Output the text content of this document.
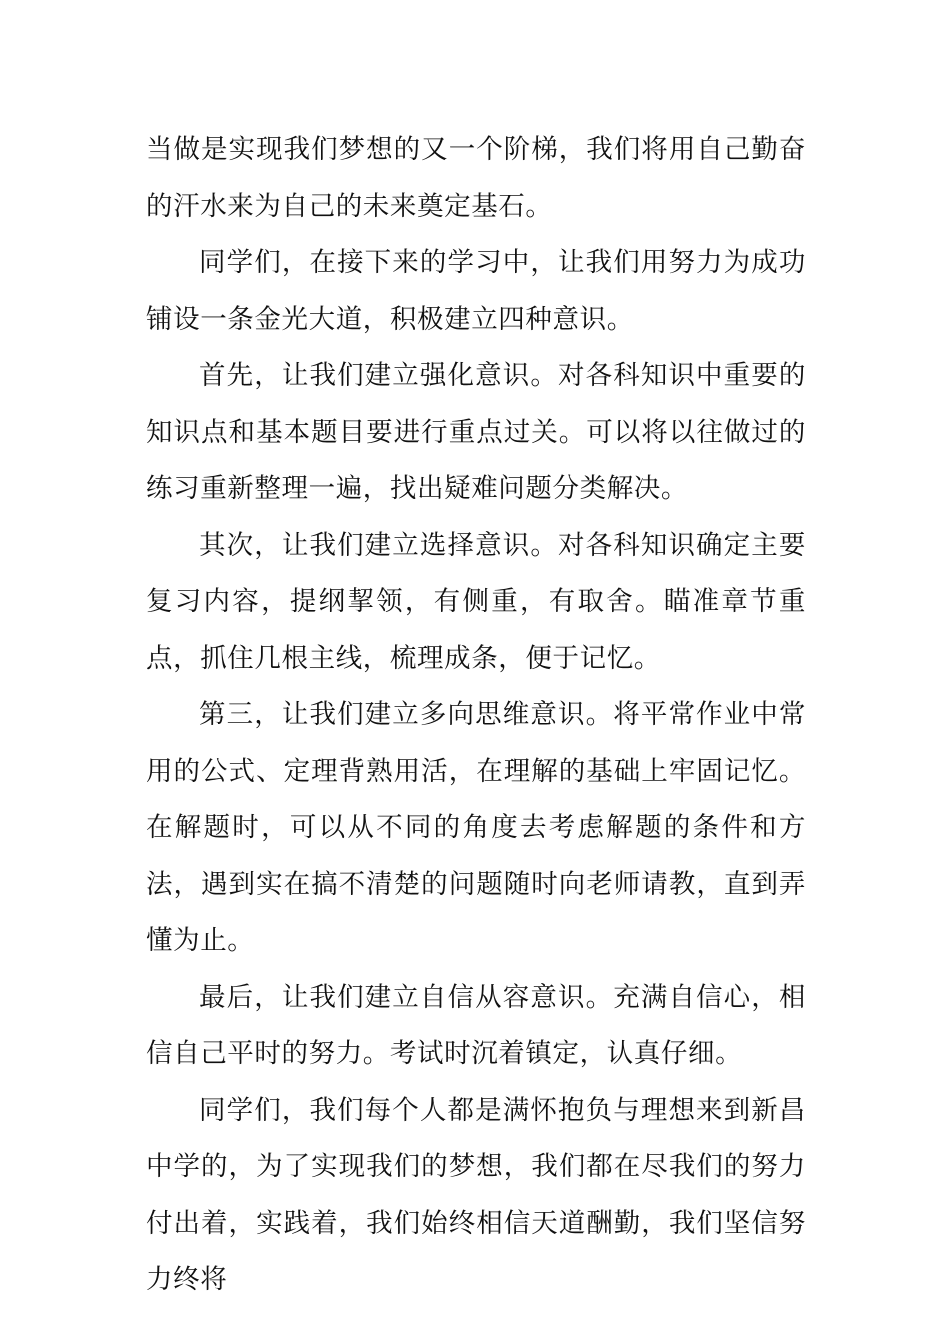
当做是实现我们梦想的又一个阶梯，我们将用自己勤奋的汗水来为自己的未来奠定基石。

同学们，在接下来的学习中，让我们用努力为成功铺设一条金光大道，积极建立四种意识。

首先，让我们建立强化意识。对各科知识中重要的知识点和基本题目要进行重点过关。可以将以往做过的练习重新整理一遍，找出疑难问题分类解决。

其次，让我们建立选择意识。对各科知识确定主要复习内容，提纲挈领，有侧重，有取舍。瞄准章节重点，抓住几根主线，梳理成条，便于记忆。

第三，让我们建立多向思维意识。将平常作业中常用的公式、定理背熟用活，在理解的基础上牢固记忆。在解题时，可以从不同的角度去考虑解题的条件和方法，遇到实在搞不清楚的问题随时向老师请教，直到弄懂为止。

最后，让我们建立自信从容意识。充满自信心，相信自己平时的努力。考试时沉着镇定，认真仔细。

同学们，我们每个人都是满怀抱负与理想来到新昌中学的，为了实现我们的梦想，我们都在尽我们的努力付出着，实践着，我们始终相信天道酬勤，我们坚信努力终将
